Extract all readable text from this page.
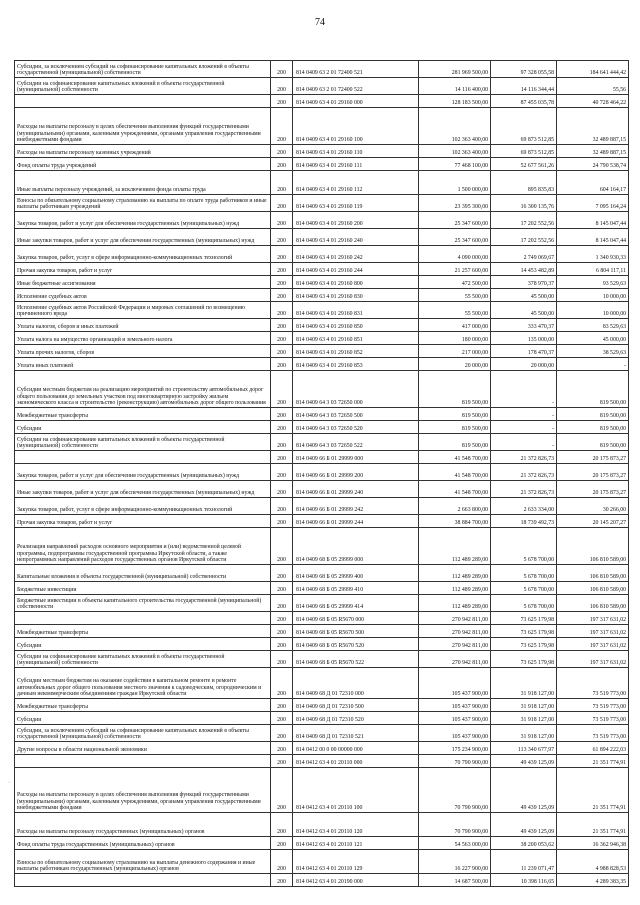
74
Субсидии, за исключением субсидий на софинансирование капитальных вложений в объекты государственной (муниципальной) собственности	200	814 0409 63 2 01 72400 521	281 969 500,00	97 328 055,58	184 641 444,42
Субсидии на софинансирование капитальных вложений в объекты государственной (муниципальной) собственности	200	814 0409 63 2 01 72400 522	14 116 400,00	14 116 344,44	55,56
	200	814 0409 63 4 01 29160 000	128 183 500,00	87 455 035,78	40 728 464,22
Расходы на выплаты персоналу в целях обеспечения выполнения функций государственными (муниципальными) органами, казенными учреждениями, органами управления государственными внебюджетными фондами	200	814 0409 63 4 01 29160 100	102 363 400,00	69 873 512,85	32 489 887,15
Расходы на выплаты персоналу казенных учреждений	200	814 0409 63 4 01 29160 110	102 363 400,00	69 873 512,85	32 489 887,15
Фонд оплаты труда учреждений	200	814 0409 63 4 01 29160 111	77 468 100,00	52 677 561,26	24 790 538,74
Иные выплаты персоналу учреждений, за исключением фонда оплаты труда	200	814 0409 63 4 01 29160 112	1 500 000,00	895 835,83	604 164,17
Взносы по обязательному социальному страхованию на выплаты по оплате труда работников и иные выплаты работникам учреждений	200	814 0409 63 4 01 29160 119	23 395 300,00	16 300 135,76	7 095 164,24
Закупка товаров, работ и услуг для обеспечения государственных (муниципальных) нужд	200	814 0409 63 4 01 29160 200	25 347 600,00	17 202 552,56	8 145 047,44
Иные закупки товаров, работ и услуг для обеспечения государственных (муниципальных) нужд	200	814 0409 63 4 01 29160 240	25 347 600,00	17 202 552,56	8 145 047,44
Закупка товаров, работ, услуг в сфере информационно-коммуникационных технологий	200	814 0409 63 4 01 29160 242	4 090 000,00	2 749 069,67	1 340 930,33
Прочая закупка товаров, работ и услуг	200	814 0409 63 4 01 29160 244	21 257 600,00	14 453 482,89	6 804 117,11
Иные бюджетные ассигнования	200	814 0409 63 4 01 29160 800	472 500,00	378 970,37	93 529,63
Исполнение судебных актов	200	814 0409 63 4 01 29160 830	55 500,00	45 500,00	10 000,00
Исполнение судебных актов Российской Федерации и мировых соглашений по возмещению причиненного вреда	200	814 0409 63 4 01 29160 831	55 500,00	45 500,00	10 000,00
Уплата налогов, сборов и иных платежей	200	814 0409 63 4 01 29160 850	417 000,00	333 470,37	83 529,63
Уплата налога на имущество организаций и земельного налога	200	814 0409 63 4 01 29160 851	180 000,00	135 000,00	45 000,00
Уплата прочих налогов, сборов	200	814 0409 63 4 01 29160 852	217 000,00	178 470,37	38 529,63
Уплата иных платежей	200	814 0409 63 4 01 29160 853	20 000,00	20 000,00	-
Субсидии местным бюджетам на реализацию мероприятий по строительству автомобильных дорог общего пользования до земельных участков под многоквартирную застройку жильем экономического класса и строительство (реконструкцию) автомобильных дорог общего пользования	200	814 0409 64 3 03 72650 000	819 500,00	-	819 500,00
Межбюджетные трансферты	200	814 0409 64 3 03 72650 500	819 500,00	-	819 500,00
Субсидии	200	814 0409 64 3 03 72650 520	819 500,00	-	819 500,00
Субсидии на софинансирование капитальных вложений в объекты государственной (муниципальной) собственности	200	814 0409 64 3 03 72650 522	819 500,00	-	819 500,00
	200	814 0409 66 Б 01 29999 000	41 548 700,00	21 372 826,73	20 175 873,27
Закупка товаров, работ и услуг для обеспечения государственных (муниципальных) нужд	200	814 0409 66 Б 01 29999 200	41 548 700,00	21 372 826,73	20 175 873,27
Иные закупки товаров, работ и услуг для обеспечения государственных (муниципальных) нужд	200	814 0409 66 Б 01 29999 240	41 548 700,00	21 372 826,73	20 175 873,27
Закупка товаров, работ, услуг в сфере информационно-коммуникационных технологий	200	814 0409 66 Б 01 29999 242	2 663 800,00	2 633 334,00	30 266,00
Прочая закупка товаров, работ и услуг	200	814 0409 66 Б 01 29999 244	38 884 700,00	18 739 492,73	20 145 207,27
Реализация направлений расходов основного мероприятия и (или) ведомственной целевой программы, подпрограммы государственной программы Иркутской области, а также непрограммных направлений расходов государственных органов Иркутской области	200	814 0409 68 Б 05 29999 000	112 489 289,00	5 678 700,00	106 810 589,00
Капитальные вложения в объекты государственной (муниципальной) собственности	200	814 0409 68 Б 05 29999 400	112 489 289,00	5 678 700,00	106 810 589,00
Бюджетные инвестиции	200	814 0409 68 Б 05 29999 410	112 489 289,00	5 678 700,00	106 810 589,00
Бюджетные инвестиции в объекты капитального строительства государственной (муниципальной) собственности	200	814 0409 68 Б 05 29999 414	112 489 289,00	5 678 700,00	106 810 589,00
	200	814 0409 68 Б 05 R5670 000	270 942 811,00	73 625 179,98	197 317 631,02
Межбюджетные трансферты	200	814 0409 68 Б 05 R5670 500	270 942 811,00	73 625 179,98	197 317 631,02
Субсидии	200	814 0409 68 Б 05 R5670 520	270 942 811,00	73 625 179,98	197 317 631,02
Субсидии на софинансирование капитальных вложений в объекты государственной (муниципальной) собственности	200	814 0409 68 Б 05 R5670 522	270 942 811,00	73 625 179,98	197 317 631,02
Субсидии местным бюджетам на оказание содействия в капитальном ремонте и ремонте автомобильных дорог общего пользования местного значения к садоводческим, огородническим и дачным некоммерческим объединениям граждан Иркутской области	200	814 0409 68 Д 01 72310 000	105 437 900,00	31 918 127,00	73 519 773,00
Межбюджетные трансферты	200	814 0409 68 Д 01 72310 500	105 437 900,00	31 918 127,00	73 519 773,00
Субсидии	200	814 0409 68 Д 01 72310 520	105 437 900,00	31 918 127,00	73 519 773,00
Субсидии, за исключением субсидий на софинансирование капитальных вложений в объекты государственной (муниципальной) собственности	200	814 0409 68 Д 01 72310 521	105 437 900,00	31 918 127,00	73 519 773,00
Другие вопросы в области национальной экономики	200	814 0412 00 0 00 00000 000	175 234 900,00	113 340 677,97	61 894 222,03
	200	814 0412 63 4 01 20110 000	70 790 900,00	49 439 125,09	21 351 774,91
Расходы на выплаты персоналу в целях обеспечения выполнения функций государственными (муниципальными) органами, казенными учреждениями, органами управления государственными внебюджетными фондами	200	814 0412 63 4 01 20110 100	70 790 900,00	49 439 125,09	21 351 774,91
Расходы на выплаты персоналу государственных (муниципальных) органов	200	814 0412 63 4 01 20110 120	70 790 900,00	49 439 125,09	21 351 774,91
Фонд оплаты труда государственных (муниципальных) органов	200	814 0412 63 4 01 20110 121	54 563 000,00	38 200 053,62	16 362 946,38
Взносы по обязательному социальному страхованию на выплаты денежного содержания и иные выплаты работникам государственных (муниципальных) органов	200	814 0412 63 4 01 20110 129	16 227 900,00	11 239 071,47	4 988 828,53
	200	814 0412 63 4 01 20190 000	14 687 500,00	10 398 116,65	4 289 383,35
·
